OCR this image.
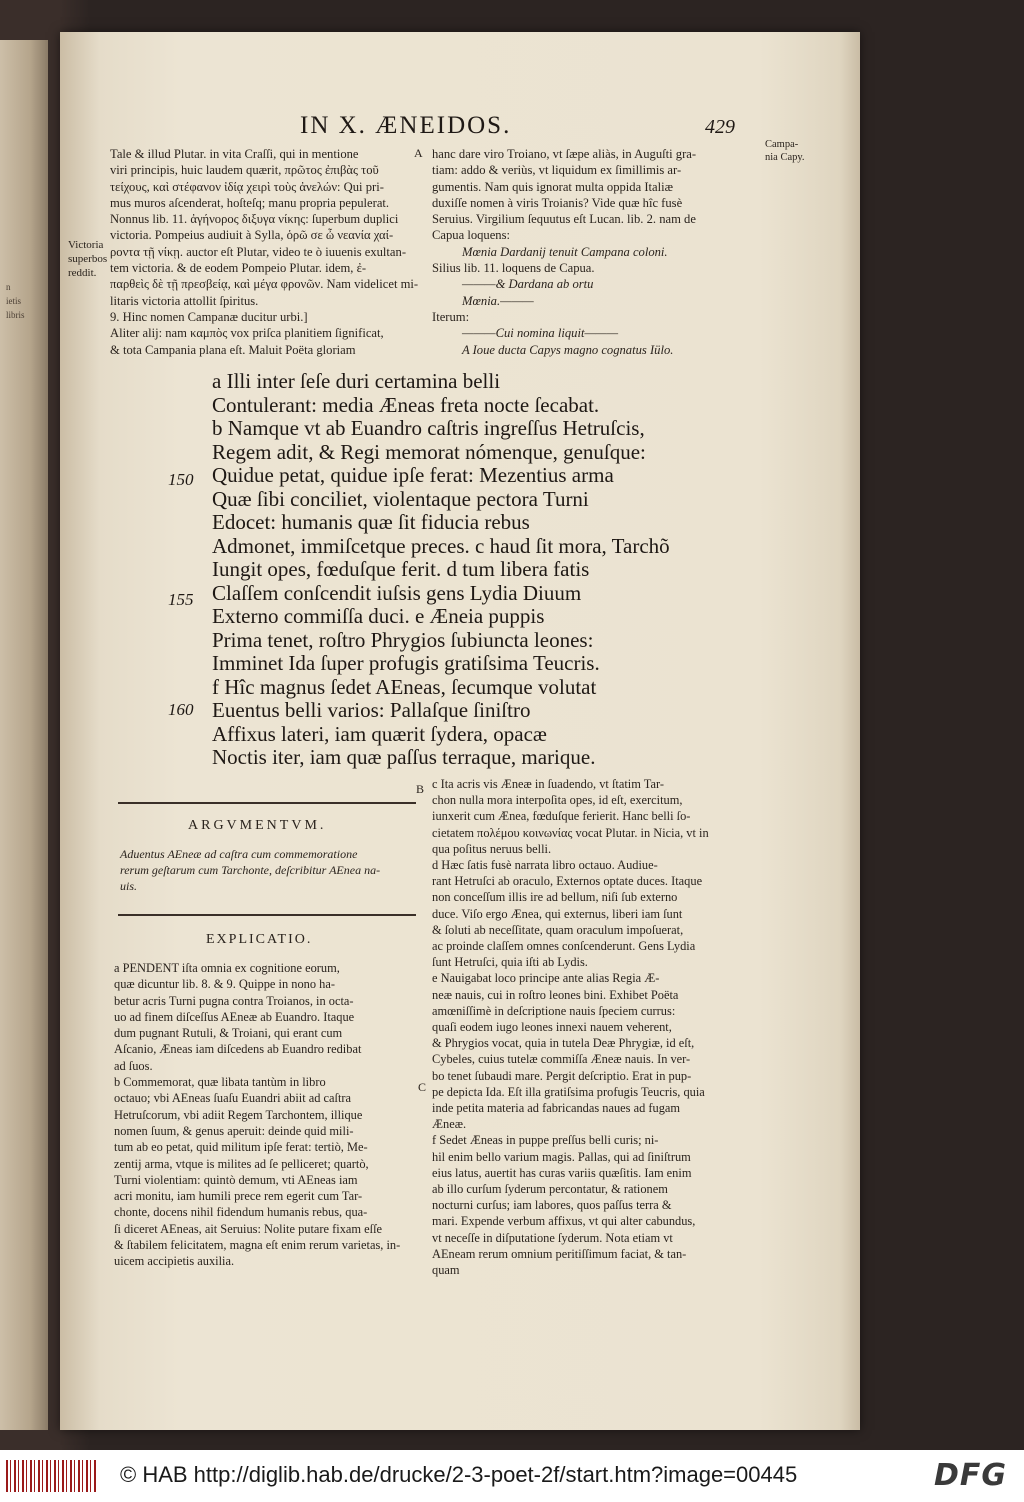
n
ietis
libris
IN X. ÆNEIDOS.	429
Campa-
nia Capy.
Victoria
superbos
reddit.
A
B
C

Tale & illud Plutar. in vita Craſſi, qui in mentione

viri principis, huic laudem quærit, πρῶτος ἐπιβὰς τοῦ

τείχους, καὶ στέφανον ἰδίᾳ χειρὶ τοὺς ἀνελών: Qui pri-

mus muros aſcenderat, hoſteſq; manu propria pepulerat.

Nonnus lib. 11. ἀγήνορος διξυγα νίκης: ſuperbum duplici

victoria. Pompeius audiuit à Sylla, ὁρῶ σε ὦ νεανία χαί-

ροντα τῇ νίκῃ. auctor eſt Plutar, video te ò iuuenis exultan-

tem victoria. & de eodem Pompeio Plutar. idem, ἐ-

παρθεὶς δὲ τῇ πρεσβείᾳ, καὶ μέγα φρονῶν. Nam videlicet mi-

litaris victoria attollit ſpiritus.

9. Hinc nomen Campanæ ducitur urbi.]

Aliter alij: nam καμπὸς vox priſca planitiem ſignificat,

& tota Campania plana eſt. Maluit Poëta gloriam

hanc dare viro Troiano, vt ſæpe aliàs, in Auguſti gra-

tiam: addo & veriùs, vt liquidum ex ſimillimis ar-

gumentis. Nam quis ignorat multa oppida Italiæ

duxiſſe nomen à viris Troianis? Vide quæ hîc fusè

Seruius. Virgilium ſequutus eſt Lucan. lib. 2. nam de

Capua loquens:

Mœnia Dardanij tenuit Campana coloni.

Silius lib. 11. loquens de Capua.

———& Dardana ab ortu

Mœnia.———

Iterum:

———Cui nomina liquit———

A Ioue ducta Capys magno cognatus Iülo.

a Illi inter ſeſe duri certamina belli

Contulerant: media Æneas freta nocte ſecabat.

b Namque vt ab Euandro caſtris ingreſſus Hetruſcis,

Regem adit, & Regi memorat nómenque, genuſque:

Quidue petat, quidue ipſe ferat: Mezentius arma

Quæ ſibi conciliet, violentaque pectora Turni

Edocet: humanis quæ ſit fiducia rebus

Admonet, immiſcetque preces. c haud ſit mora, Tarchõ

Iungit opes, fœduſque ferit. d tum libera fatis

Claſſem conſcendit iuſsis gens Lydia Diuum

Externo commiſſa duci. e Æneia puppis

Prima tenet, roſtro Phrygios ſubiuncta leones:

Imminet Ida ſuper profugis gratiſsima Teucris.

f Hîc magnus ſedet AEneas, ſecumque volutat

Euentus belli varios: Pallaſque ſiniſtro

Affixus lateri, iam quærit ſydera, opacæ

Noctis iter, iam quæ paſſus terraque, marique.

150
155
160
ARGVMENTVM.

Aduentus AEneæ ad caſtra cum commemoratione

rerum geſtarum cum Tarchonte, deſcribitur AEnea na-

uis.

EXPLICATIO.

a PENDENT iſta omnia ex cognitione eorum,

quæ dicuntur lib. 8. & 9. Quippe in nono ha-

betur acris Turni pugna contra Troianos, in octa-

uo ad finem diſceſſus AEneæ ab Euandro. Itaque

dum pugnant Rutuli, & Troiani, qui erant cum

Aſcanio, Æneas iam diſcedens ab Euandro redibat

ad ſuos.

b Commemorat, quæ libata tantùm in libro

octauo; vbi AEneas ſuaſu Euandri abiit ad caſtra

Hetruſcorum, vbi adiit Regem Tarchontem, illique

nomen ſuum, & genus aperuit: deinde quid mili-

tum ab eo petat, quid militum ipſe ferat: tertiò, Me-

zentij arma, vtque is milites ad ſe pelliceret; quartò,

Turni violentiam: quintò demum, vti AEneas iam

acri monitu, iam humili prece rem egerit cum Tar-

chonte, docens nihil fidendum humanis rebus, qua-

ſi diceret AEneas, ait Seruius: Nolite putare fixam eſſe

& ſtabilem felicitatem, magna eſt enim rerum varietas, in-

uicem accipietis auxilia.

c Ita acris vis Æneæ in ſuadendo, vt ſtatim Tar-

chon nulla mora interpoſita opes, id eſt, exercitum,

iunxerit cum Ænea, fœduſque ferierit. Hanc belli ſo-

cietatem πολέμου κοινωνίας vocat Plutar. in Nicia, vt in

qua poſitus neruus belli.

d Hæc ſatis fusè narrata libro octauo. Audiue-

rant Hetruſci ab oraculo, Externos optate duces. Itaque

non conceſſum illis ire ad bellum, niſi ſub externo

duce. Viſo ergo Ænea, qui externus, liberi iam ſunt

& ſoluti ab neceſſitate, quam oraculum impoſuerat,

ac proinde claſſem omnes conſcenderunt. Gens Lydia

ſunt Hetruſci, quia iſti ab Lydis.

e Nauigabat loco principe ante alias Regia Æ-

neæ nauis, cui in roſtro leones bini. Exhibet Poëta

amœniſſimè in deſcriptione nauis ſpeciem currus:

quaſi eodem iugo leones innexi nauem veherent,

& Phrygios vocat, quia in tutela Deæ Phrygiæ, id eſt,

Cybeles, cuius tutelæ commiſſa Æneæ nauis. In ver-

bo tenet ſubaudi mare. Pergit deſcriptio. Erat in pup-

pe depicta Ida. Eſt illa gratiſsima profugis Teucris, quia

inde petita materia ad fabricandas naues ad fugam

Æneæ.

f Sedet Æneas in puppe preſſus belli curis; ni-

hil enim bello varium magis. Pallas, qui ad ſiniſtrum

eius latus, auertit has curas variis quæſitis. Iam enim

ab illo curſum ſyderum percontatur, & rationem

nocturni curſus; iam labores, quos paſſus terra &

mari. Expende verbum affixus, vt qui alter cabundus,

vt neceſſe in diſputatione ſyderum. Nota etiam vt

AEneam rerum omnium peritiſſimum faciat, & tan-

quam

© HAB http://diglib.hab.de/drucke/2-3-poet-2f/start.htm?image=00445	DFG
